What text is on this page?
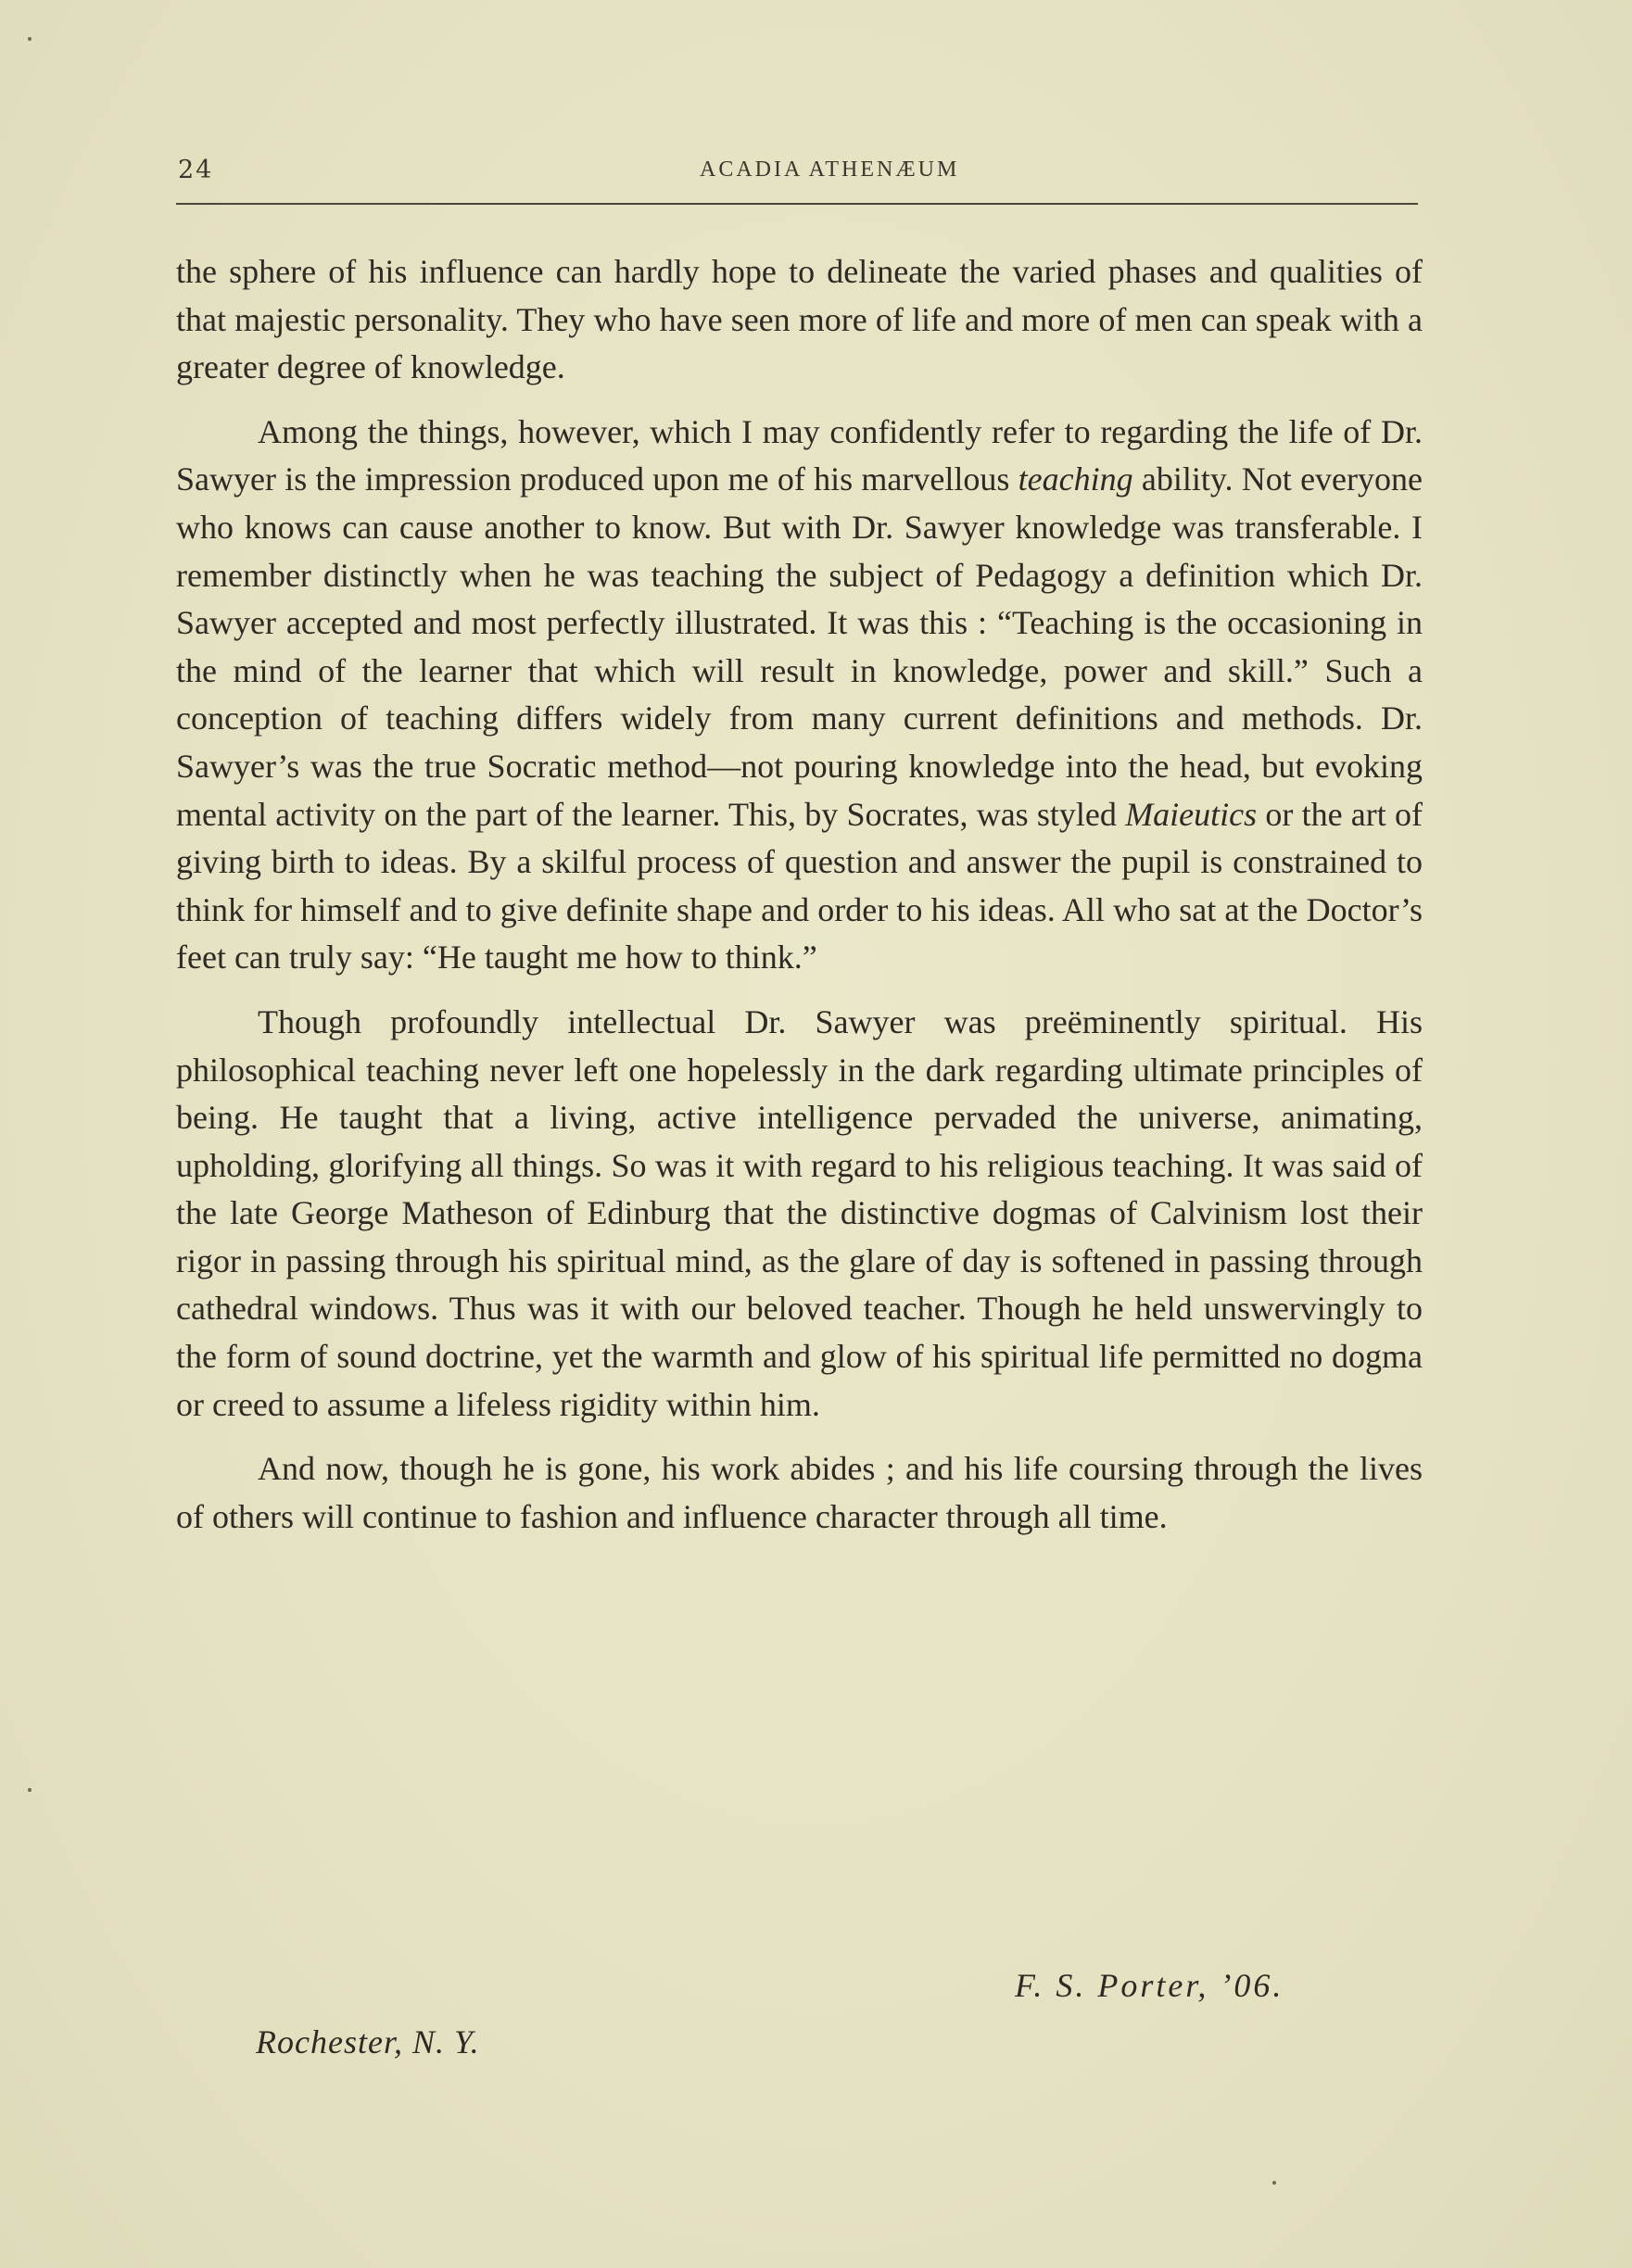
24	ACADIA ATHENÆUM

the sphere of his influence can hardly hope to delineate the varied phases and qualities of that majestic personality. They who have seen more of life and more of men can speak with a greater degree of knowledge.

Among the things, however, which I may confidently refer to regarding the life of Dr. Sawyer is the impression produced upon me of his marvellous teaching ability. Not everyone who knows can cause another to know. But with Dr. Sawyer knowledge was transferable. I remember distinctly when he was teaching the subject of Pedagogy a definition which Dr. Sawyer accepted and most perfectly illustrated. It was this : “Teaching is the occasioning in the mind of the learner that which will result in knowledge, power and skill.” Such a conception of teaching differs widely from many current definitions and methods. Dr. Sawyer’s was the true Socratic method—not pouring knowledge into the head, but evoking mental activity on the part of the learner. This, by Socrates, was styled Maieutics or the art of giving birth to ideas. By a skilful process of question and answer the pupil is constrained to think for himself and to give definite shape and order to his ideas. All who sat at the Doctor’s feet can truly say: “He taught me how to think.”

Though profoundly intellectual Dr. Sawyer was preëminently spiritual. His philosophical teaching never left one hopelessly in the dark regarding ultimate principles of being. He taught that a living, active intelligence pervaded the universe, animating, upholding, glorifying all things. So was it with regard to his religious teaching. It was said of the late George Matheson of Edinburg that the distinctive dogmas of Calvinism lost their rigor in passing through his spiritual mind, as the glare of day is softened in passing through cathedral windows. Thus was it with our beloved teacher. Though he held unswervingly to the form of sound doctrine, yet the warmth and glow of his spiritual life permitted no dogma or creed to assume a lifeless rigidity within him.

And now, though he is gone, his work abides ; and his life coursing through the lives of others will continue to fashion and influence character through all time.

F. S. Porter, ’06.
Rochester, N. Y.
